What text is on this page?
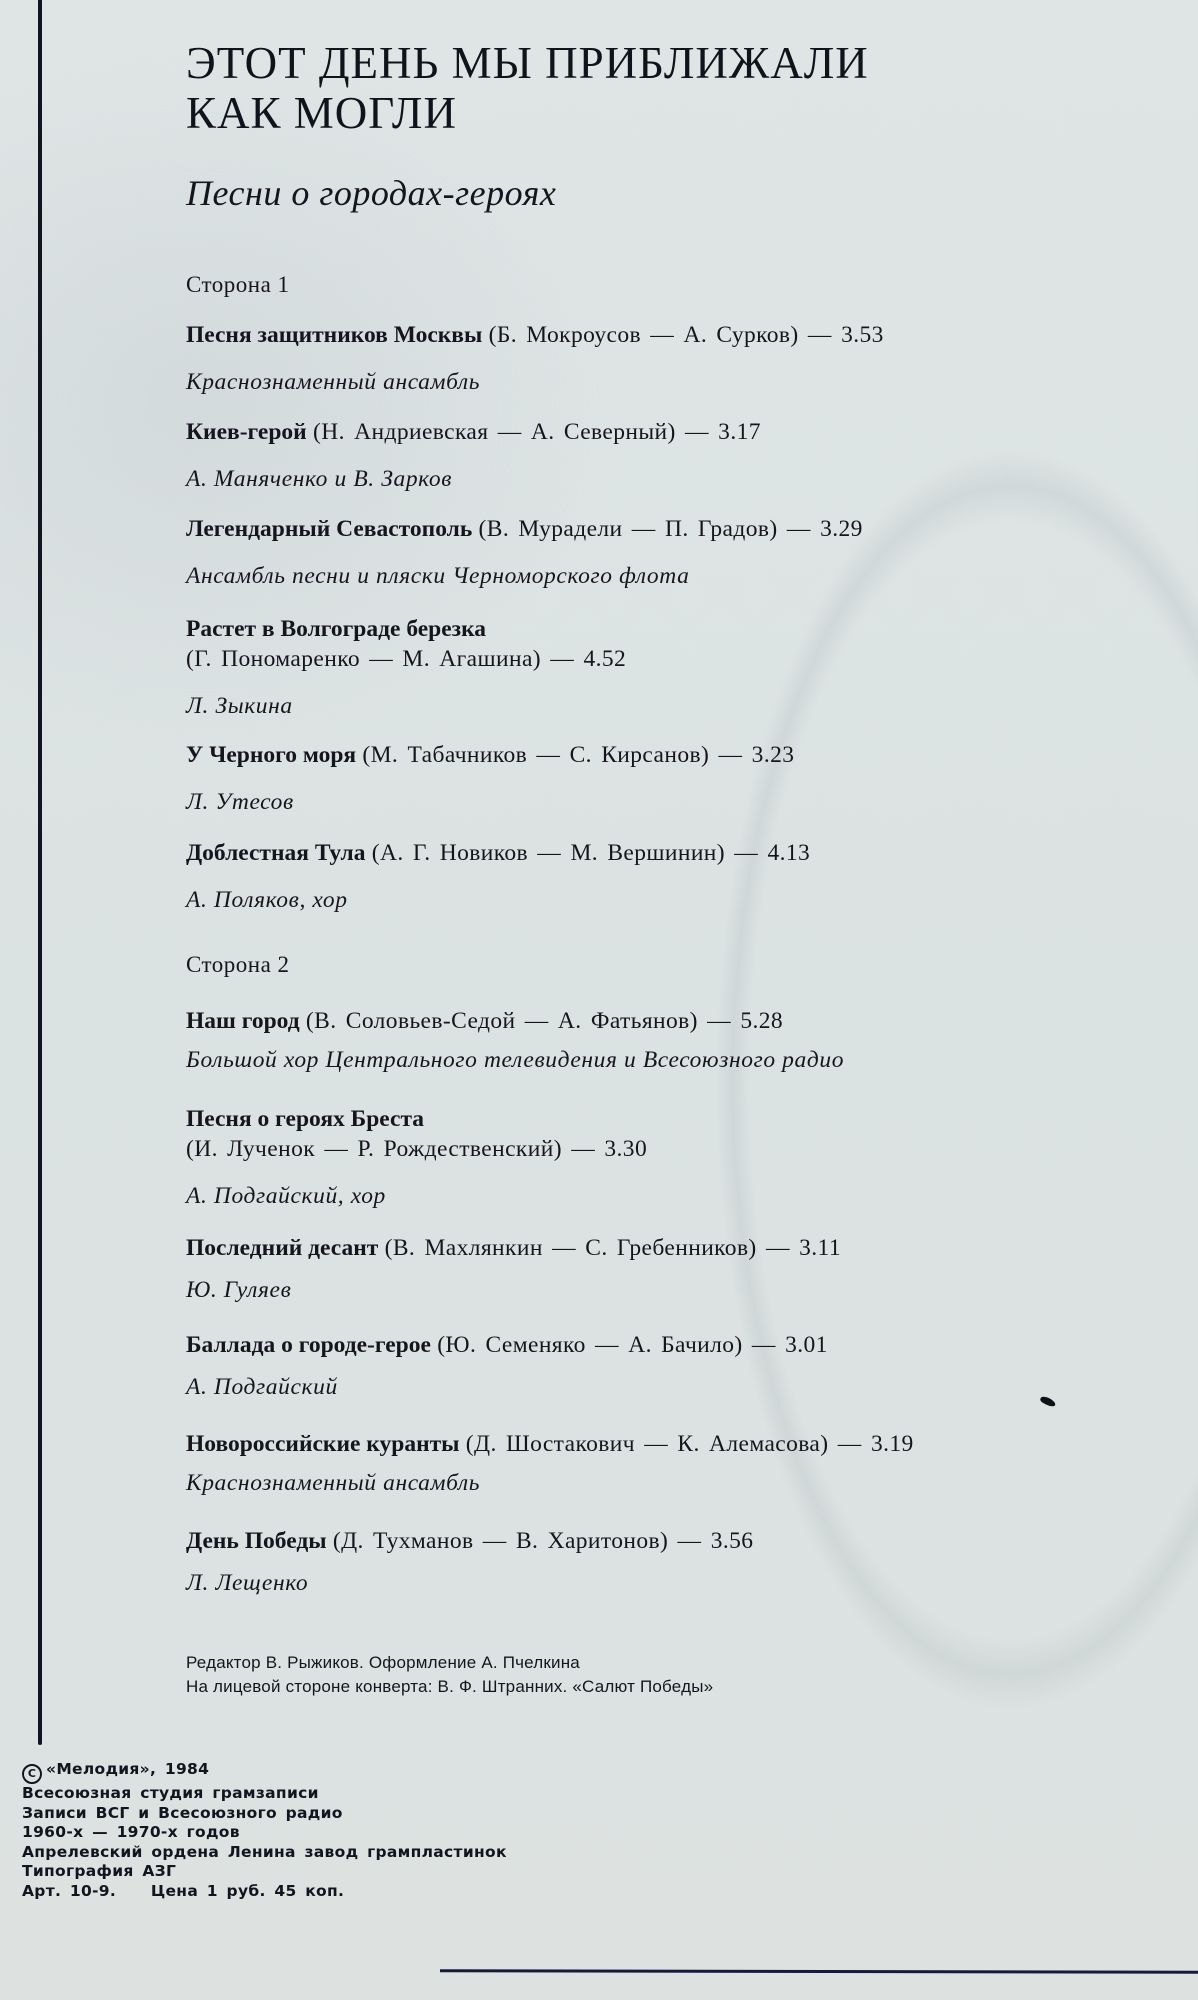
ЭТОТ ДЕНЬ МЫ ПРИБЛИЖАЛИ
КАК МОГЛИ
Песни о городах-героях
Сторона 1
Песня защитников Москвы (Б. Мокроусов — А. Сурков) — 3.53
Краснознаменный ансамбль
Киев-герой (Н. Андриевская — А. Северный) — 3.17
А. Маняченко и В. Зарков
Легендарный Севастополь (В. Мурадели — П. Градов) — 3.29
Ансамбль песни и пляски Черноморского флота
Растет в Волгограде березка
(Г. Пономаренко — М. Агашина) — 4.52
Л. Зыкина
У Черного моря (М. Табачников — С. Кирсанов) — 3.23
Л. Утесов
Доблестная Тула (А. Г. Новиков — М. Вершинин) — 4.13
А. Поляков, хор
Сторона 2
Наш город (В. Соловьев-Седой — А. Фатьянов) — 5.28
Большой хор Центрального телевидения и Всесоюзного радио
Песня о героях Бреста
(И. Лученок — Р. Рождественский) — 3.30
А. Подгайский, хор
Последний десант (В. Махлянкин — С. Гребенников) — 3.11
Ю. Гуляев
Баллада о городе-герое (Ю. Семеняко — А. Бачило) — 3.01
А. Подгайский
Новороссийские куранты (Д. Шостакович — К. Алемасова) — 3.19
Краснознаменный ансамбль
День Победы (Д. Тухманов — В. Харитонов) — 3.56
Л. Лещенко
Редактор В. Рыжиков. Оформление А. Пчелкина
На лицевой стороне конверта: В. Ф. Штранних. «Салют Победы»
C «Мелодия», 1984
Всесоюзная студия грамзаписи
Записи ВСГ и Всесоюзного радио
1960-х — 1970-х годов
Апрелевский ордена Ленина завод грампластинок
Типография АЗГ
Арт. 10-9.    Цена 1 руб. 45 коп.
